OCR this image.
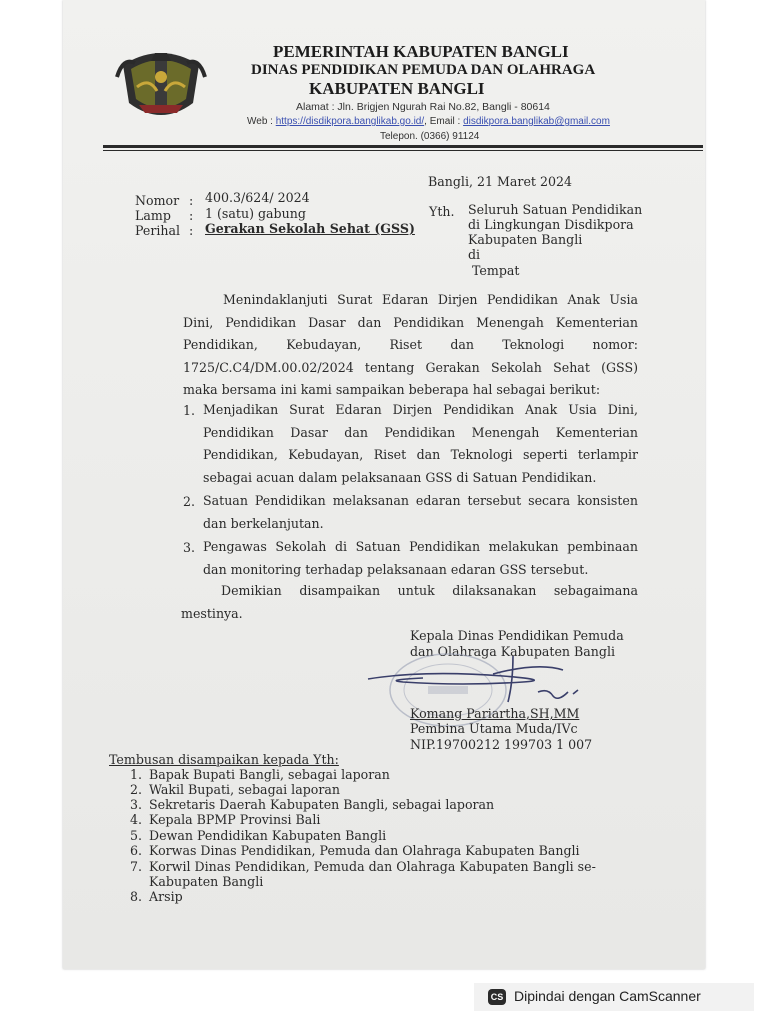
PEMERINTAH KABUPATEN BANGLI
DINAS PENDIDIKAN PEMUDA DAN OLAHRAGA
KABUPATEN BANGLI
Alamat : Jln. Brigjen Ngurah Rai No.82, Bangli - 80614
Web : https://disdikpora.banglikab.go.id/, Email : disdikpora.banglikab@gmail.com
Telepon. (0366) 91124
Bangli, 21 Maret 2024
Nomor : 400.3/624/ 2024
Lamp : 1 (satu) gabung
Perihal : Gerakan Sekolah Sehat (GSS)
Yth. Seluruh Satuan Pendidikan
di Lingkungan Disdikpora
Kabupaten Bangli
di
Tempat
Menindaklanjuti Surat Edaran Dirjen Pendidikan Anak Usia
Dini, Pendidikan Dasar dan Pendidikan Menengah Kementerian
Pendidikan, Kebudayan, Riset dan Teknologi nomor:
1725/C.C4/DM.00.02/2024 tentang Gerakan Sekolah Sehat (GSS)
maka bersama ini kami sampaikan beberapa hal sebagai berikut:
1. Menjadikan Surat Edaran Dirjen Pendidikan Anak Usia Dini,
Pendidikan Dasar dan Pendidikan Menengah Kementerian
Pendidikan, Kebudayan, Riset dan Teknologi seperti terlampir
sebagai acuan dalam pelaksanaan GSS di Satuan Pendidikan.
2. Satuan Pendidikan melaksanan edaran tersebut secara konsisten
dan berkelanjutan.
3. Pengawas Sekolah di Satuan Pendidikan melakukan pembinaan
dan monitoring terhadap pelaksanaan edaran GSS tersebut.
Demikian disampaikan untuk dilaksanakan sebagaimana
mestinya.
Kepala Dinas Pendidikan Pemuda
dan Olahraga Kabupaten Bangli
Komang Pariartha,SH,MM
Pembina Utama Muda/IVc
NIP.19700212 199703 1 007
Tembusan disampaikan kepada Yth:
1. Bapak Bupati Bangli, sebagai laporan
2. Wakil Bupati, sebagai laporan
3. Sekretaris Daerah Kabupaten Bangli, sebagai laporan
4. Kepala BPMP Provinsi Bali
5. Dewan Pendidikan Kabupaten Bangli
6. Korwas Dinas Pendidikan, Pemuda dan Olahraga Kabupaten Bangli
7. Korwil Dinas Pendidikan, Pemuda dan Olahraga Kabupaten Bangli se-
Kabupaten Bangli
8. Arsip
CS Dipindai dengan CamScanner
